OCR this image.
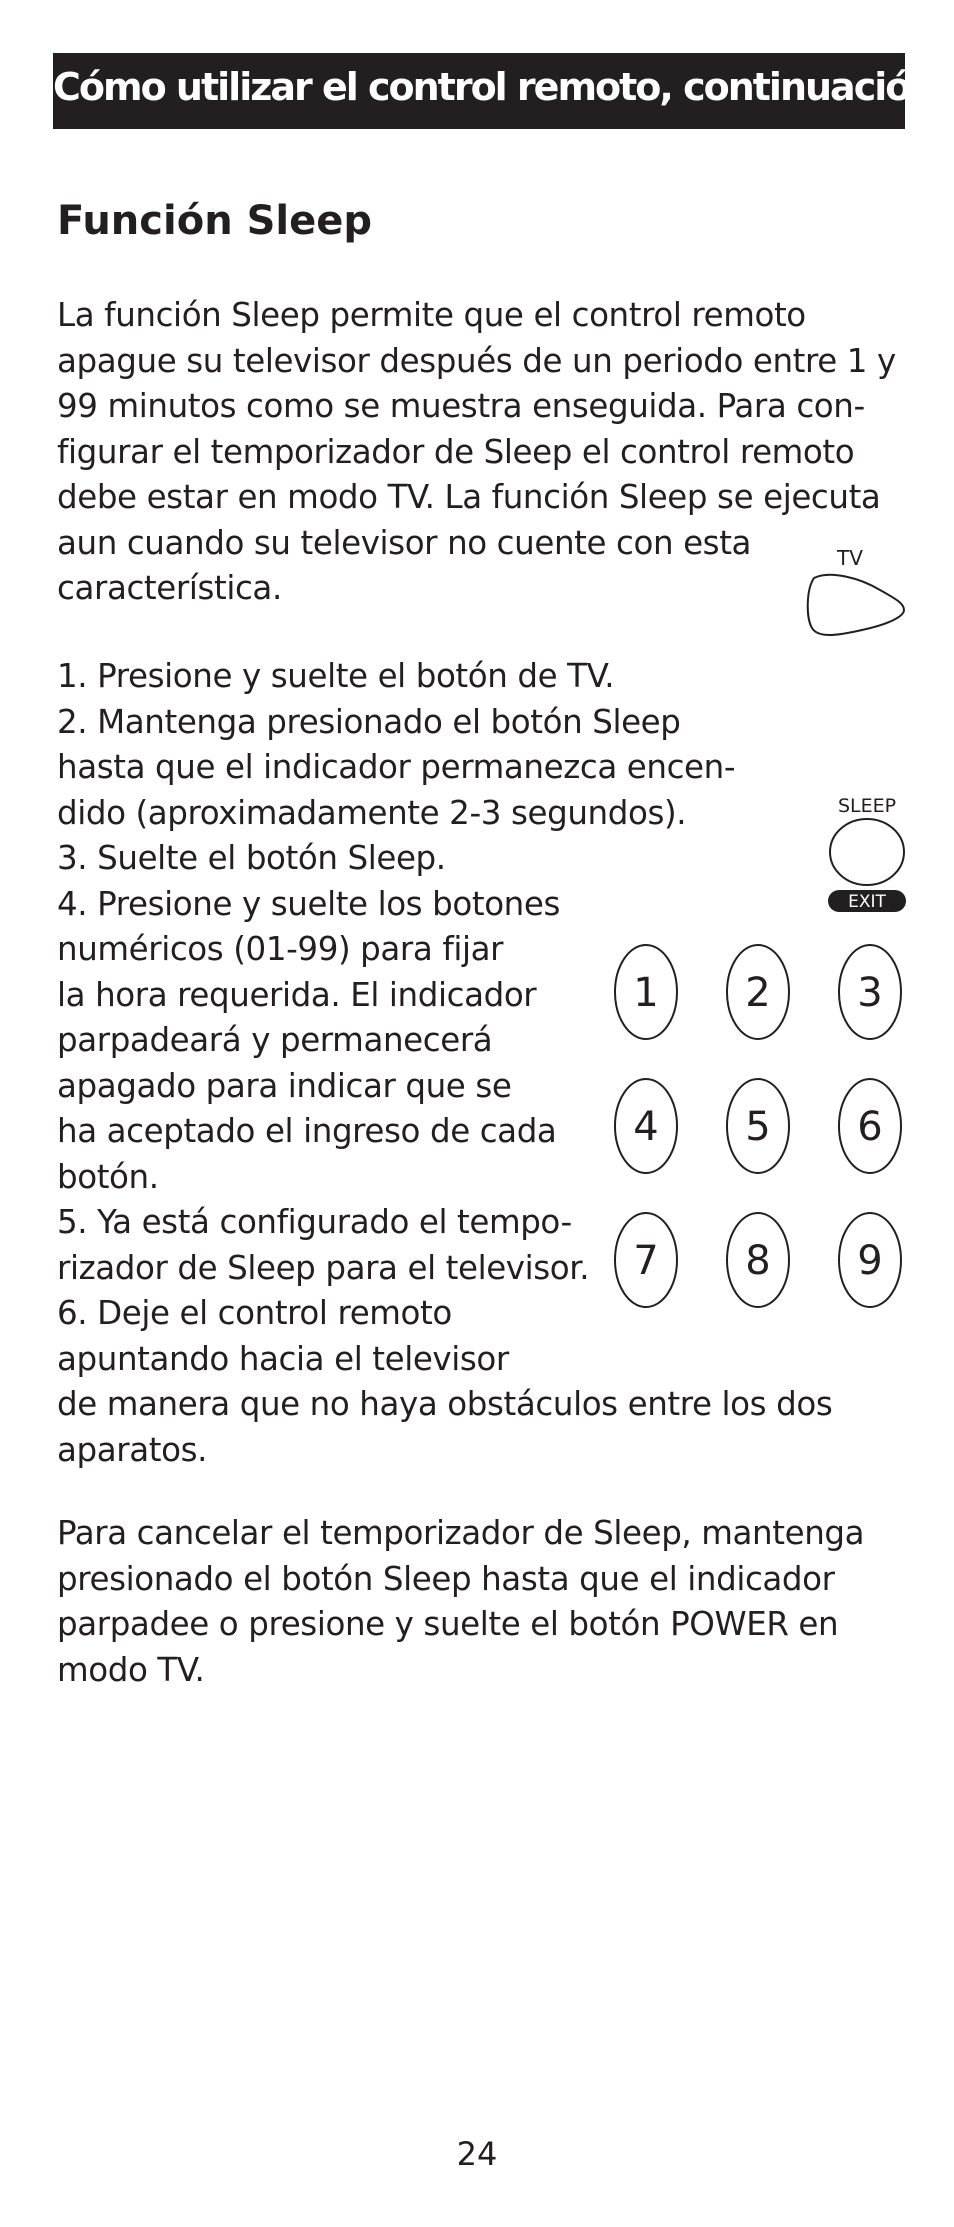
Cómo utilizar el control remoto, continuación
Función Sleep

La función Sleep permite que el control remoto
apague su televisor después de un periodo entre 1 y
99 minutos como se muestra enseguida. Para con-
figurar el temporizador de Sleep el control remoto
debe estar en modo TV. La función Sleep se ejecuta
aun cuando su televisor no cuente con esta
característica.

1. Presione y suelte el botón de TV.
2. Mantenga presionado el botón Sleep
hasta que el indicador permanezca encen-
dido (aproximadamente 2-3 segundos).
3. Suelte el botón Sleep.
4. Presione y suelte los botones
numéricos (01-99) para fijar
la hora requerida. El indicador
parpadeará y permanecerá
apagado para indicar que se
ha aceptado el ingreso de cada
botón.
5. Ya está configurado el tempo-
rizador de Sleep para el televisor.
6. Deje el control remoto
apuntando hacia el televisor
de manera que no haya obstáculos entre los dos
aparatos.

Para cancelar el temporizador de Sleep, mantenga
presionado el botón Sleep hasta que el indicador
parpadee o presione y suelte el botón POWER en
modo TV.

TV
SLEEP
EXIT
1 2 3
4 5 6
7 8 9
24
